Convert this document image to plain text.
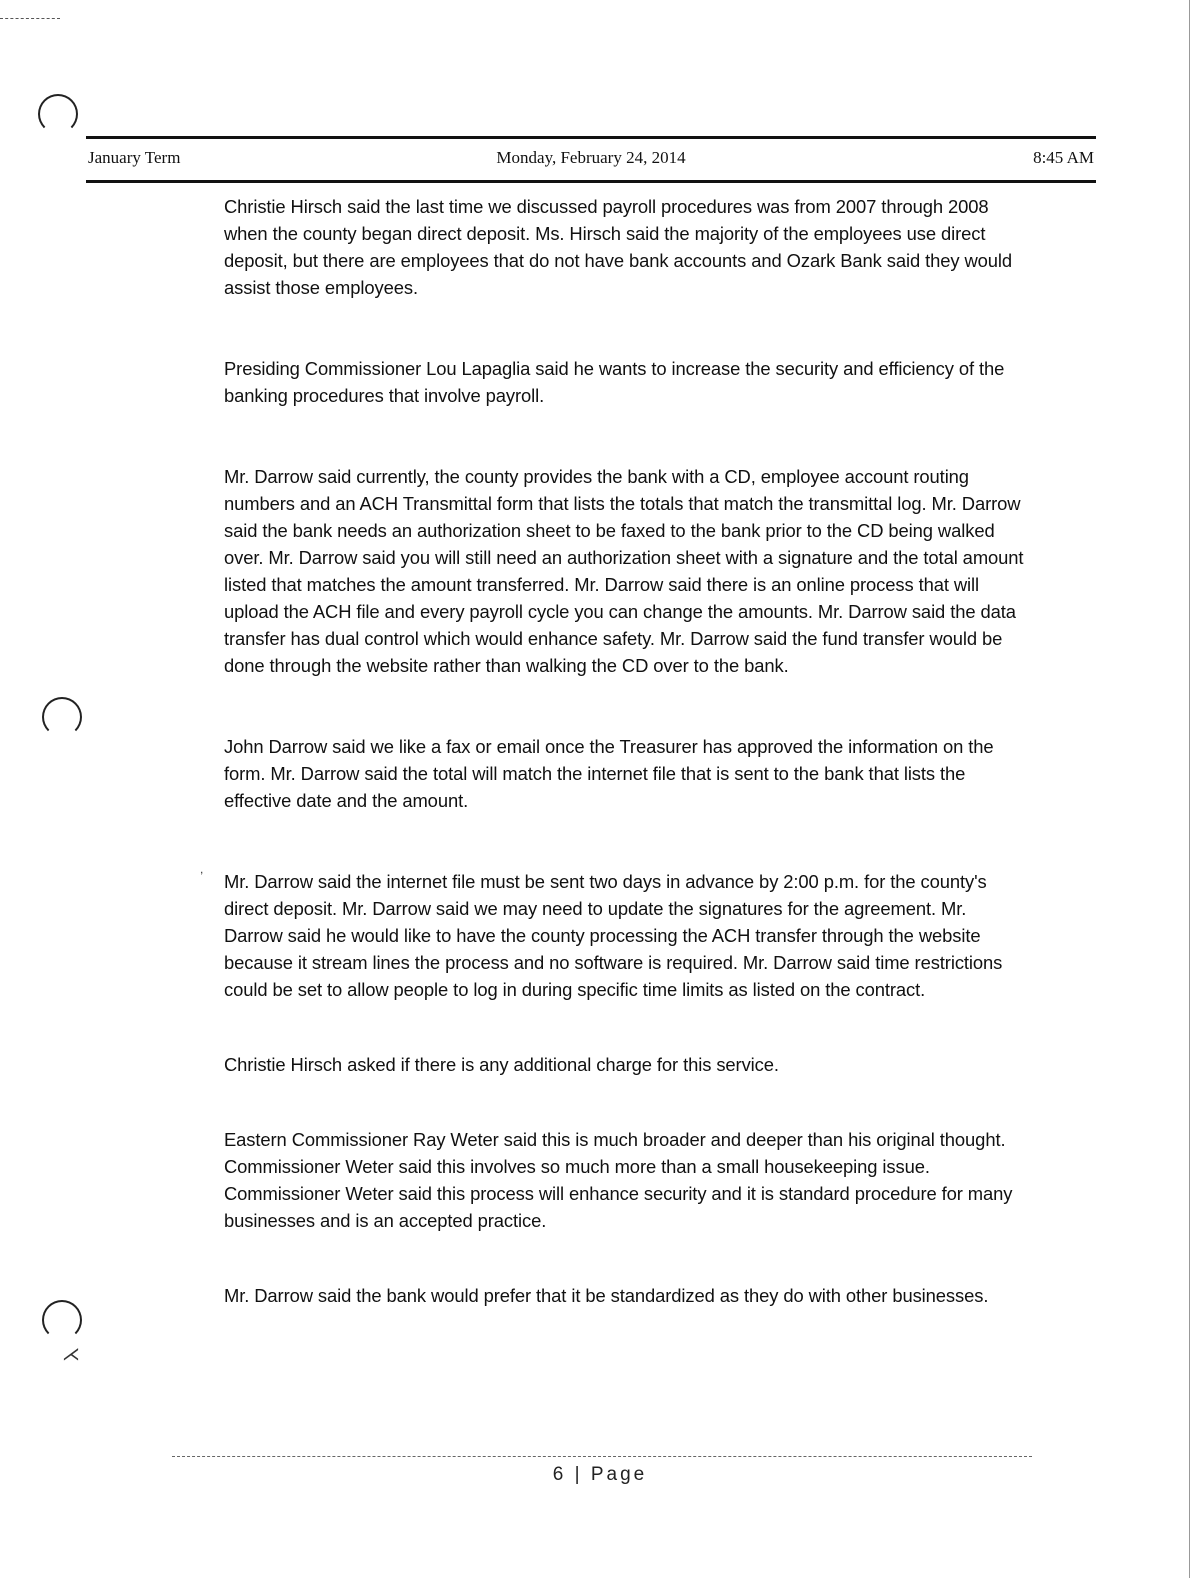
⋌
,
January Term	Monday, February 24, 2014	8:45 AM

Christie Hirsch said the last time we discussed payroll procedures was from 2007 through 2008 when the county began direct deposit. Ms. Hirsch said the majority of the employees use direct deposit, but there are employees that do not have bank accounts and Ozark Bank said they would assist those employees.

Presiding Commissioner Lou Lapaglia said he wants to increase the security and efficiency of the banking procedures that involve payroll.

Mr. Darrow said currently, the county provides the bank with a CD, employee account routing numbers and an ACH Transmittal form that lists the totals that match the transmittal log. Mr. Darrow said the bank needs an authorization sheet to be faxed to the bank prior to the CD being walked over. Mr. Darrow said you will still need an authorization sheet with a signature and the total amount listed that matches the amount transferred. Mr. Darrow said there is an online process that will upload the ACH file and every payroll cycle you can change the amounts. Mr. Darrow said the data transfer has dual control which would enhance safety. Mr. Darrow said the fund transfer would be done through the website rather than walking the CD over to the bank.

John Darrow said we like a fax or email once the Treasurer has approved the information on the form. Mr. Darrow said the total will match the internet file that is sent to the bank that lists the effective date and the amount.

Mr. Darrow said the internet file must be sent two days in advance by 2:00 p.m. for the county's direct deposit. Mr. Darrow said we may need to update the signatures for the agreement. Mr. Darrow said he would like to have the county processing the ACH transfer through the website because it stream lines the process and no software is required. Mr. Darrow said time restrictions could be set to allow people to log in during specific time limits as listed on the contract.

Christie Hirsch asked if there is any additional charge for this service.

Eastern Commissioner Ray Weter said this is much broader and deeper than his original thought. Commissioner Weter said this involves so much more than a small housekeeping issue. Commissioner Weter said this process will enhance security and it is standard procedure for many businesses and is an accepted practice.

Mr. Darrow said the bank would prefer that it be standardized as they do with other businesses.

6 | Page
